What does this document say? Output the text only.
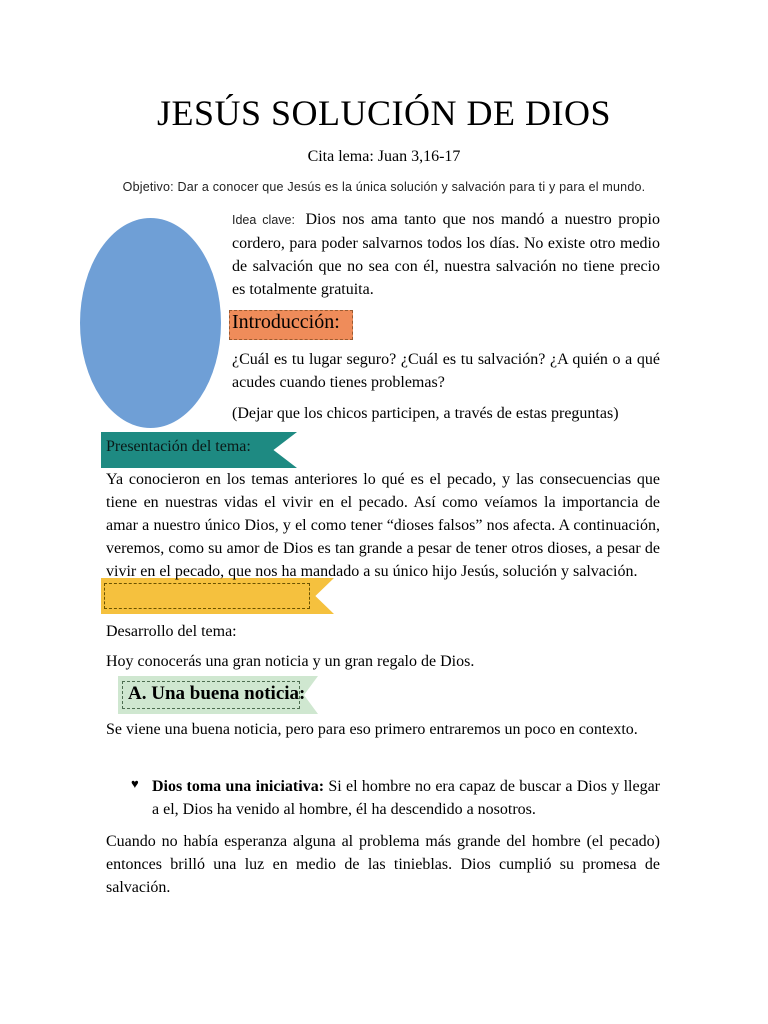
JESÚS SOLUCIÓN DE DIOS
Cita lema: Juan 3,16-17
Objetivo: Dar a conocer que Jesús es la única solución y salvación para ti y para el mundo.
Idea clave: Dios nos ama tanto que nos mandó a nuestro propio cordero, para poder salvarnos todos los días. No existe otro medio de salvación que no sea con él, nuestra salvación no tiene precio es totalmente gratuita.
Introducción:
¿Cuál es tu lugar seguro? ¿Cuál es tu salvación? ¿A quién o a qué acudes cuando tienes problemas?
(Dejar que los chicos participen, a través de estas preguntas)
Presentación del tema:
Ya conocieron en los temas anteriores lo qué es el pecado, y las consecuencias que tiene en nuestras vidas el vivir en el pecado. Así como veíamos la importancia de amar a nuestro único Dios, y el como tener “dioses falsos” nos afecta. A continuación, veremos, como su amor de Dios es tan grande a pesar de tener otros dioses, a pesar de vivir en el pecado, que nos ha mandado a su único hijo Jesús, solución y salvación.
Desarrollo del tema:
Hoy conocerás una gran noticia y un gran regalo de Dios.
A. Una buena noticia:
Se viene una buena noticia, pero para eso primero entraremos un poco en contexto.
♥ Dios toma una iniciativa: Si el hombre no era capaz de buscar a Dios y llegar a el, Dios ha venido al hombre, él ha descendido a nosotros.
Cuando no había esperanza alguna al problema más grande del hombre (el pecado) entonces brilló una luz en medio de las tinieblas. Dios cumplió su promesa de salvación.
